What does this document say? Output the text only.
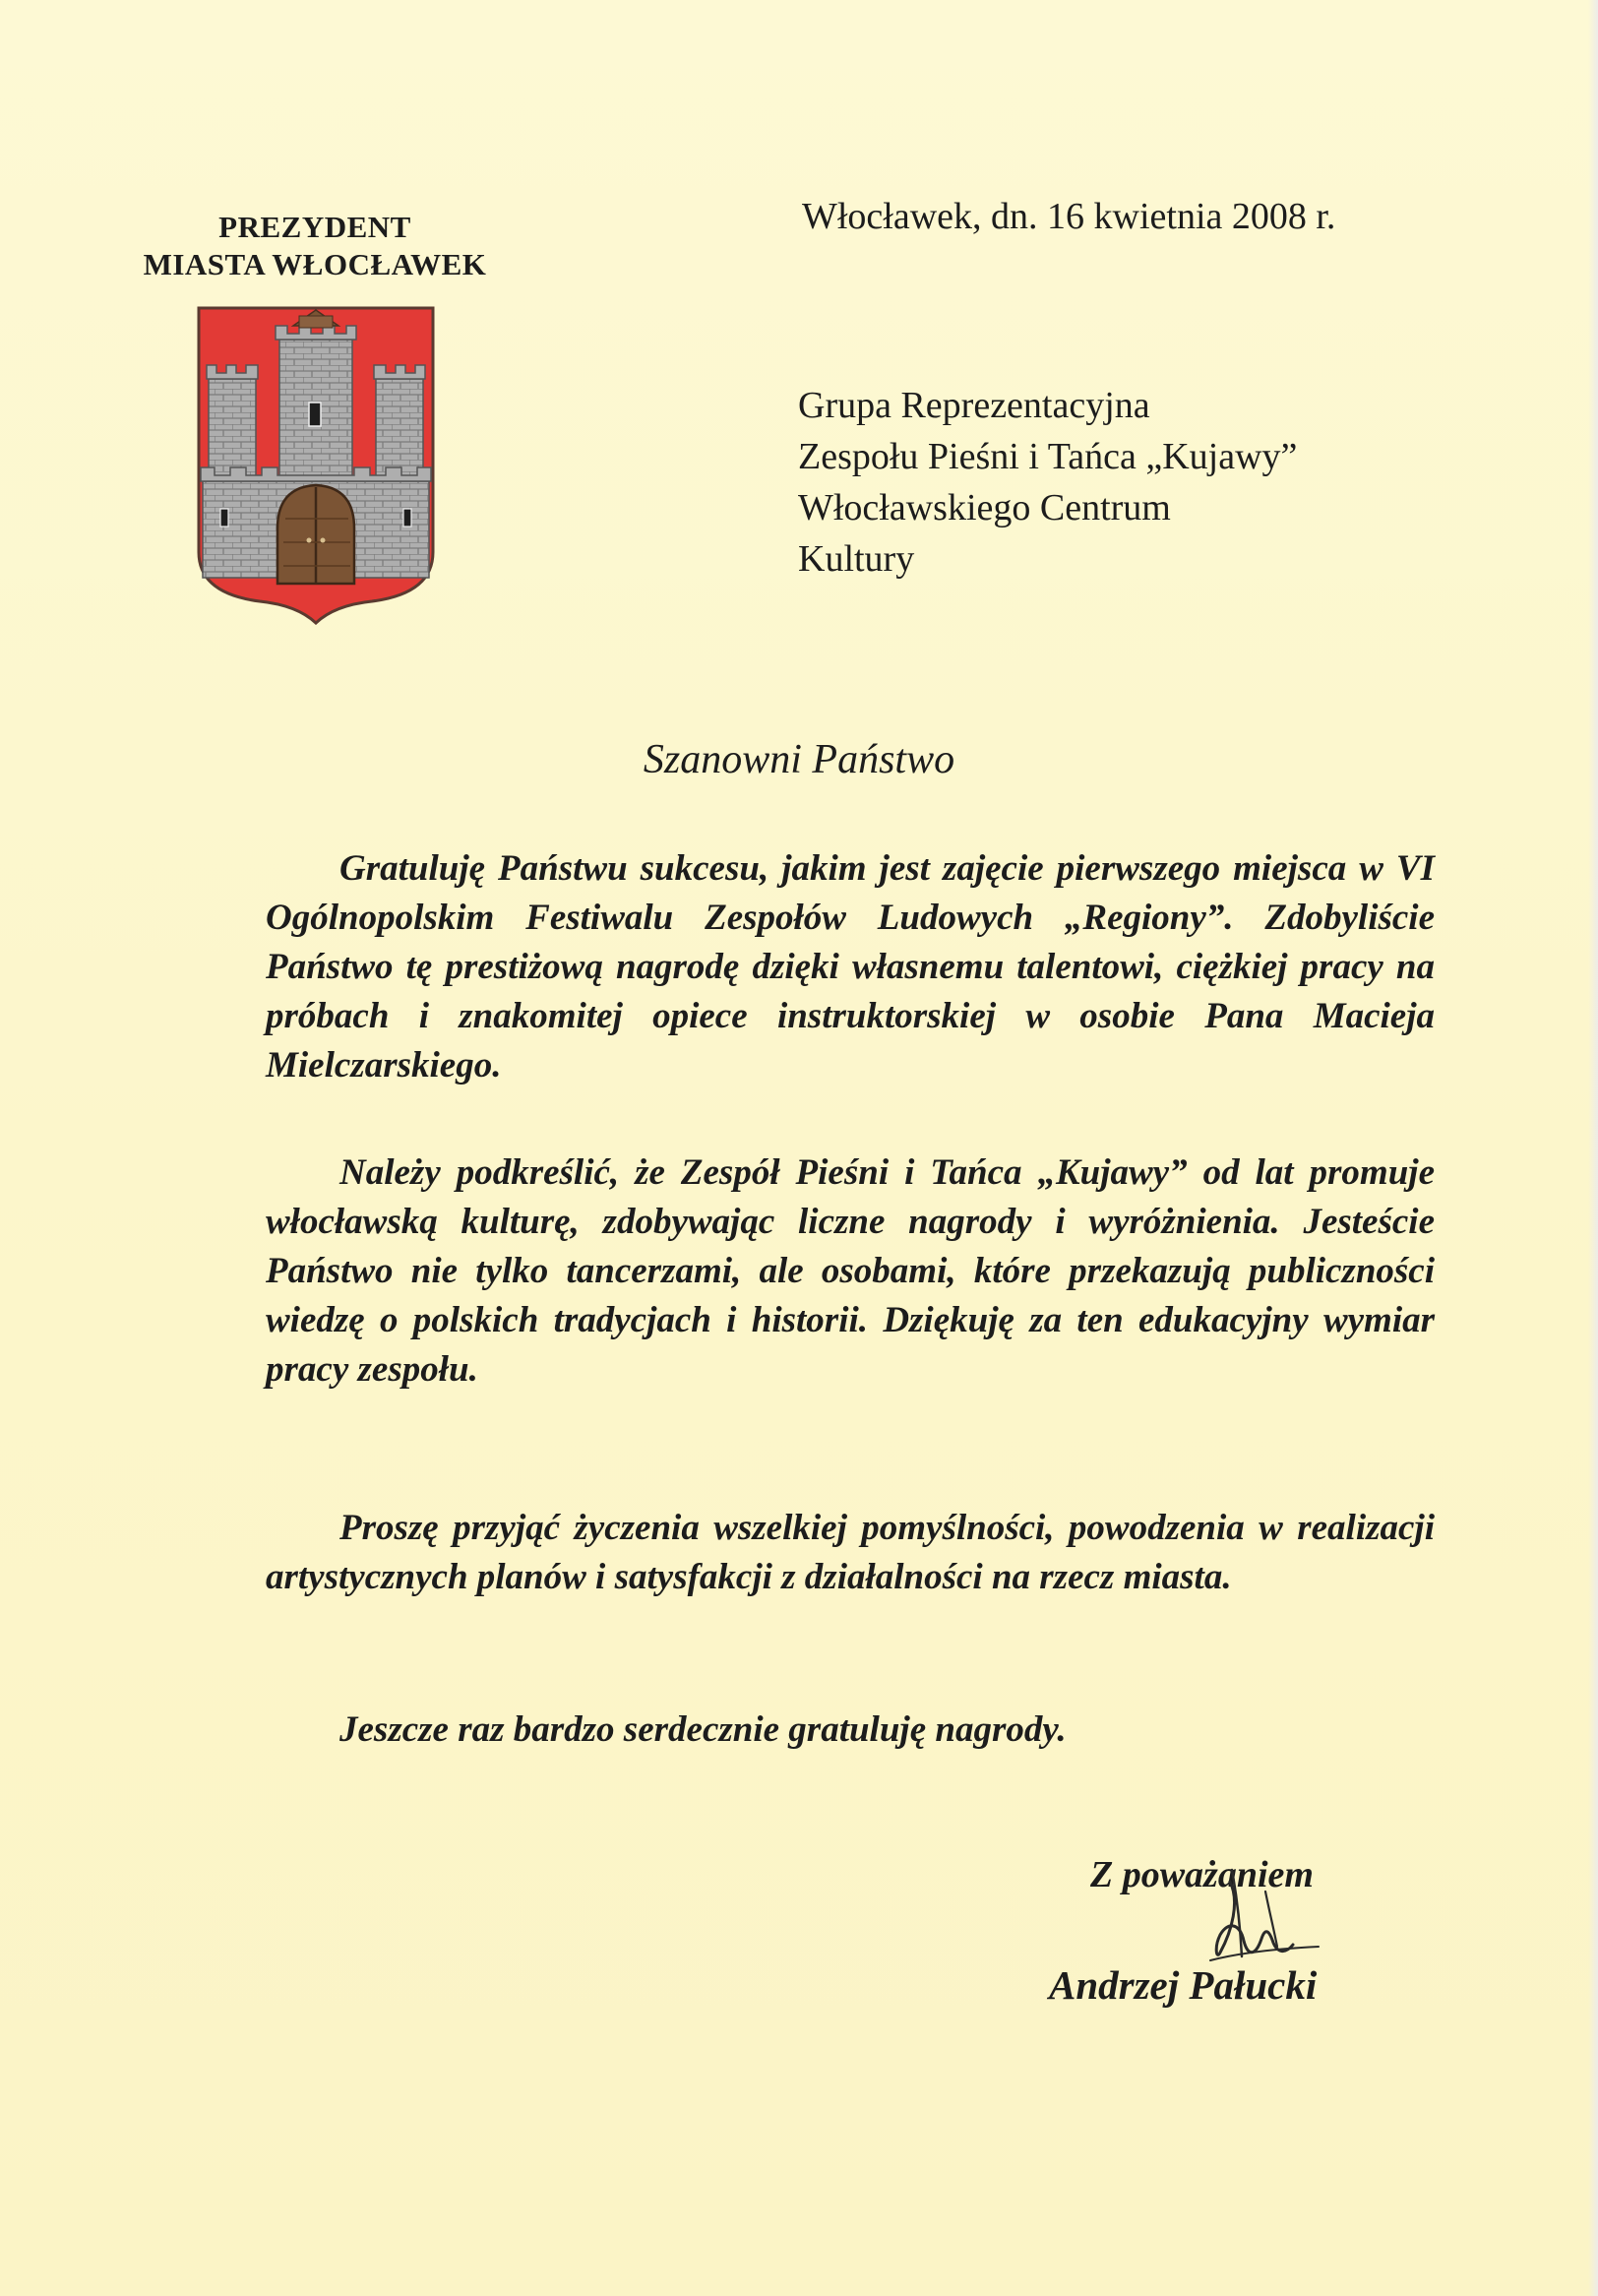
PREZYDENT
MIASTA WŁOCŁAWEK
Włocławek, dn. 16 kwietnia 2008 r.
Grupa Reprezentacyjna
Zespołu Pieśni i Tańca „Kujawy”
Włocławskiego Centrum
Kultury
Szanowni Państwo

Gratuluję Państwu sukcesu, jakim jest zajęcie pierwszego miejsca w VI Ogólnopolskim Festiwalu Zespołów Ludowych „Regiony”. Zdobyliście Państwo tę prestiżową nagrodę dzięki własnemu talentowi, ciężkiej pracy na próbach i znakomitej opiece instruktorskiej w osobie Pana Macieja Mielczarskiego.

Należy podkreślić, że Zespół Pieśni i Tańca „Kujawy” od lat promuje włocławską kulturę, zdobywając liczne nagrody i wyróżnienia. Jesteście Państwo nie tylko tancerzami, ale osobami, które przekazują publiczności wiedzę o polskich tradycjach i historii. Dziękuję za ten edukacyjny wymiar pracy zespołu.

Proszę przyjąć życzenia wszelkiej pomyślności, powodzenia w realizacji artystycznych planów i satysfakcji z działalności na rzecz miasta.

Jeszcze raz bardzo serdecznie gratuluję nagrody.

Z poważaniem
Andrzej Pałucki
